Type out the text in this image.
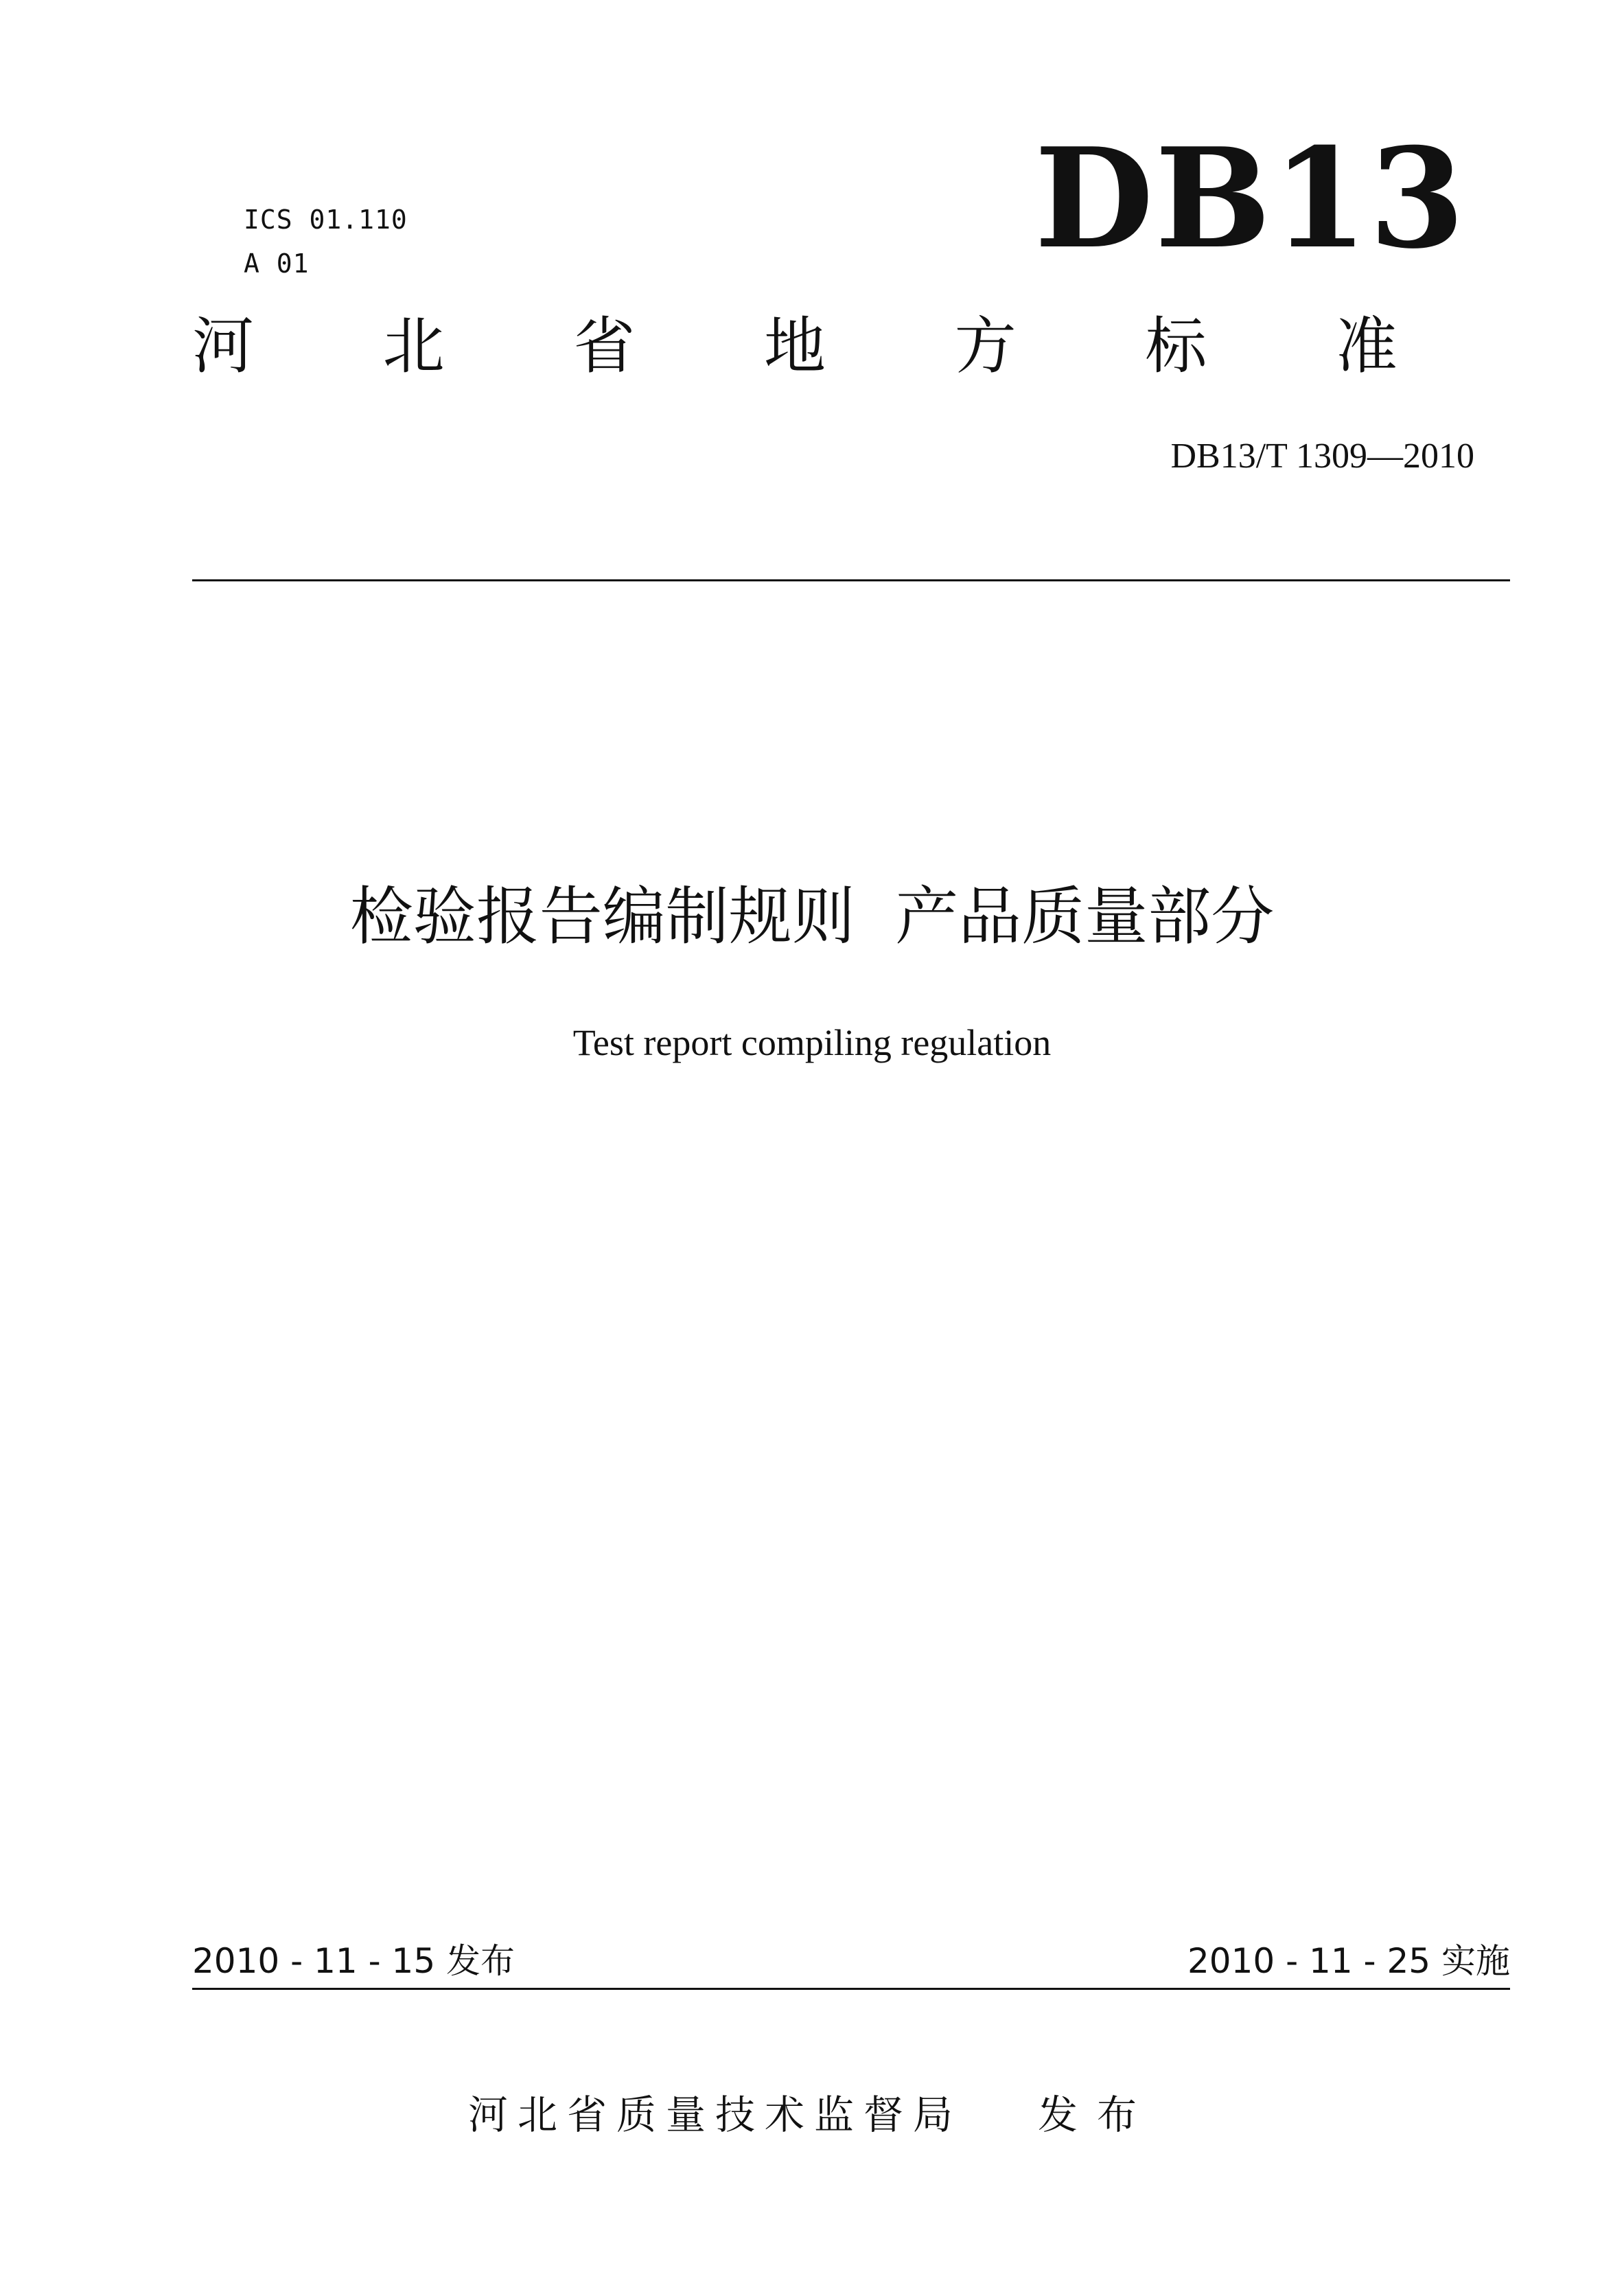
ICS 01.110
A 01	DB13
河 北 省 地 方 标 准
DB13/T 1309—2010
检验报告编制规则  产品质量部分
Test report compiling regulation
2010 - 11 - 15 发布	2010 - 11 - 25 实施
河北省质量技术监督局 发布
